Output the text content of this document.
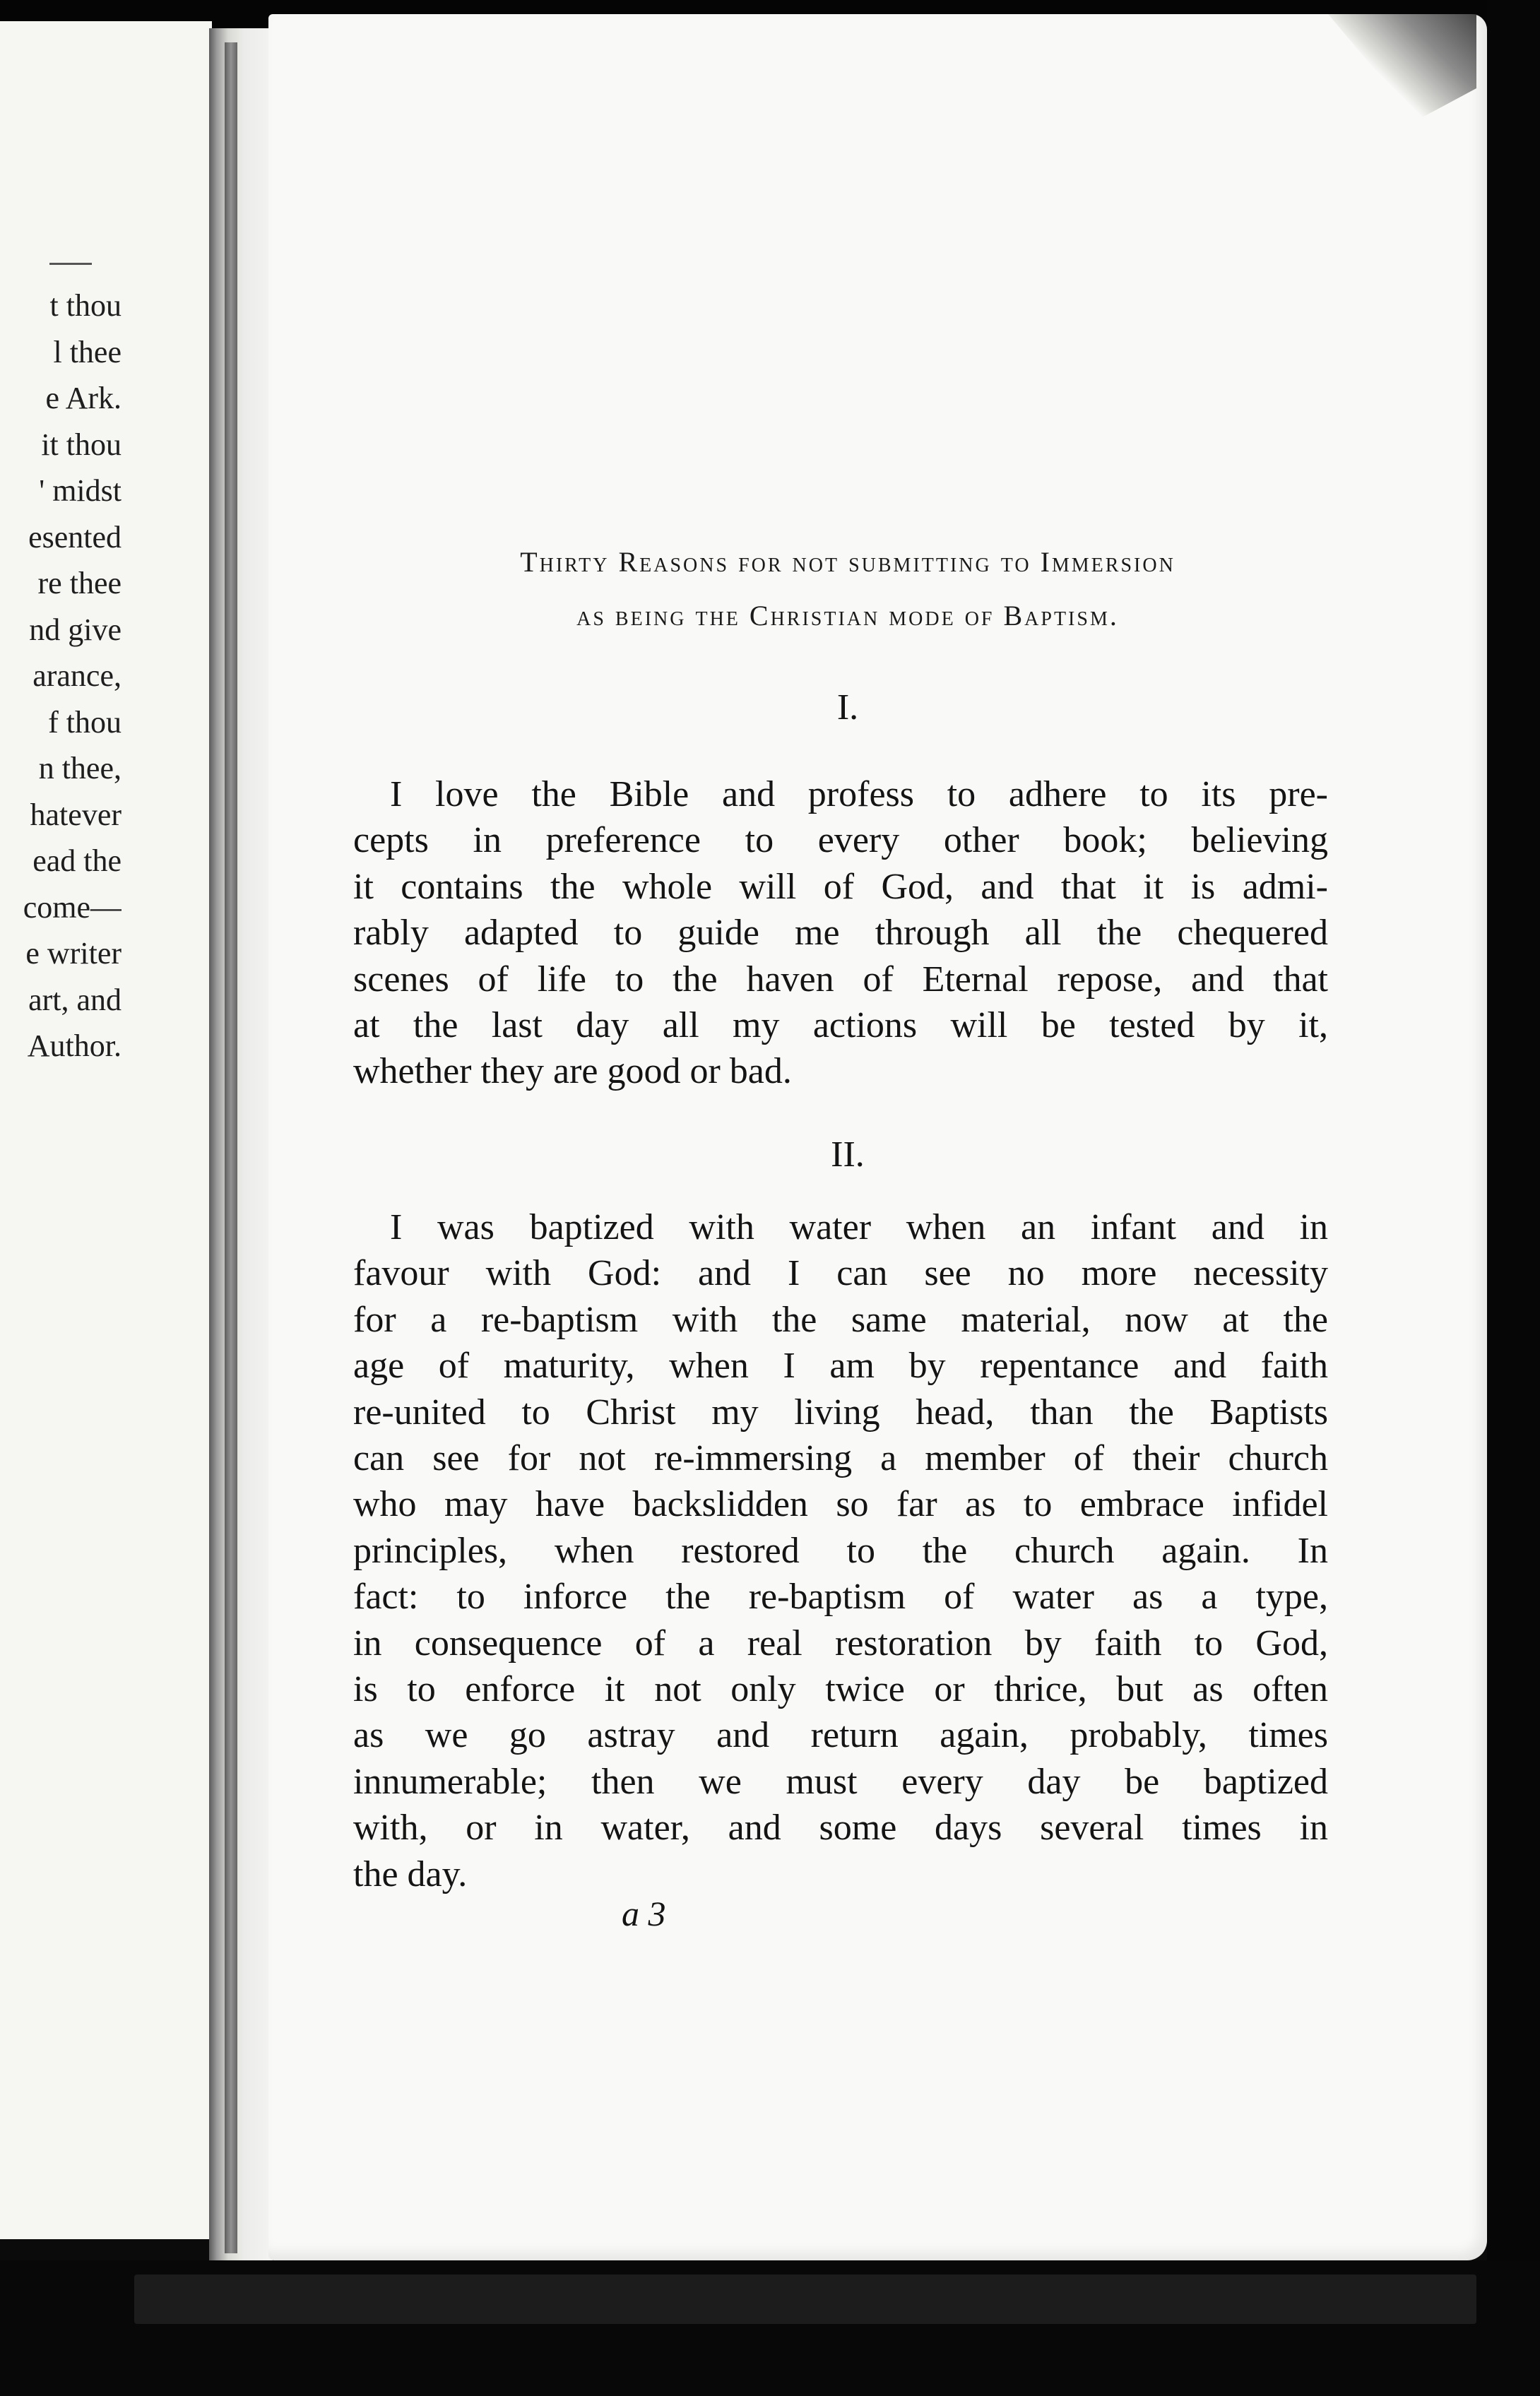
t thou
l thee
e Ark.
it thou
' midst
esented
re thee
nd give
arance,
f thou
n thee,
hatever
ead the
come—
e writer
art, and
Author.
Thirty Reasons for not submitting to Immersion
as being the Christian mode of Baptism.
I.
I love the Bible and profess to adhere to its pre-
cepts in preference to every other book; believing
it contains the whole will of God, and that it is admi-
rably adapted to guide me through all the chequered
scenes of life to the haven of Eternal repose, and that
at the last day all my actions will be tested by it,
whether they are good or bad.
II.
I was baptized with water when an infant and in
favour with God: and I can see no more necessity
for a re-baptism with the same material, now at the
age of maturity, when I am by repentance and faith
re-united to Christ my living head, than the Baptists
can see for not re-immersing a member of their church
who may have backslidden so far as to embrace infidel
principles, when restored to the church again. In
fact: to inforce the re-baptism of water as a type,
in consequence of a real restoration by faith to God,
is to enforce it not only twice or thrice, but as often
as we go astray and return again, probably, times
innumerable; then we must every day be baptized
with, or in water, and some days several times in
the day.

a 3
